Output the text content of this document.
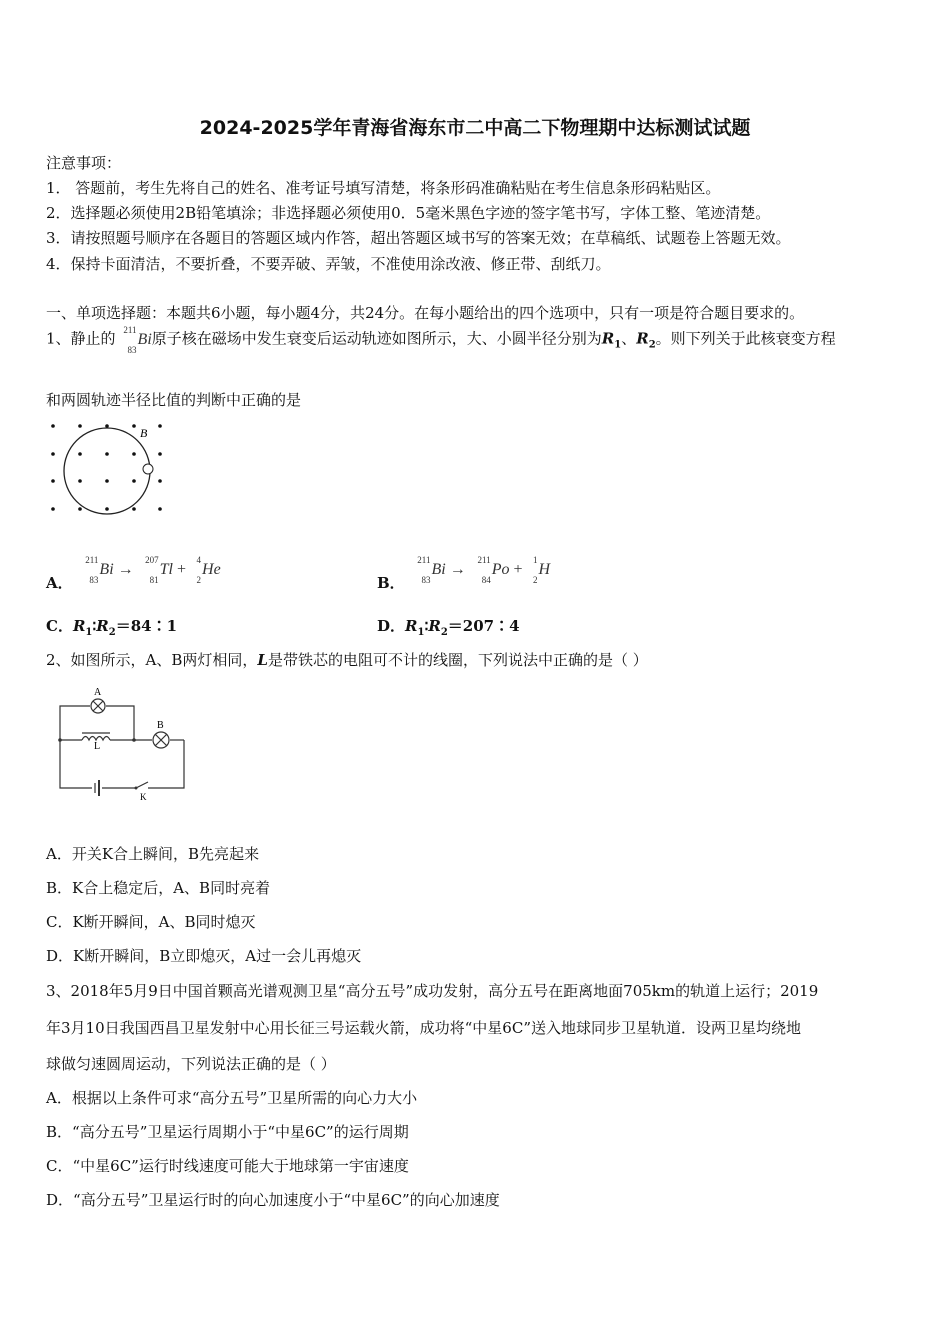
2024-2025学年青海省海东市二中高二下物理期中达标测试试题
注意事项：
1． 答题前，考生先将自己的姓名、准考证号填写清楚，将条形码准确粘贴在考生信息条形码粘贴区。
2．选择题必须使用2B铅笔填涂；非选择题必须使用0．5毫米黑色字迹的签字笔书写，字体工整、笔迹清楚。
3．请按照题号顺序在各题目的答题区域内作答，超出答题区域书写的答案无效；在草稿纸、试题卷上答题无效。
4．保持卡面清洁，不要折叠，不要弄破、弄皱，不准使用涂改液、修正带、刮纸刀。
一、单项选择题：本题共6小题，每小题4分，共24分。在每小题给出的四个选项中，只有一项是符合题目要求的。
1、静止的 211
83
Bi原子核在磁场中发生衰变后运动轨迹如图所示，大、小圆半径分别为$R_1$、$R_2$。则下列关于此核衰变方程
和两圆轨迹半径比值的判断中正确的是
B
A．
211
83
Bi →
207
81
Tl +
4
2
He
B．
211
83
Bi →
211
84
Po +
1
2
H
C．$R_1∶R_2=84∶1$	D．$R_1∶R_2=207∶4$
2、如图所示，A、B两灯相同，L是带铁芯的电阻可不计的线圈，下列说法中正确的是（ ）
A
B
L
K
A．开关K合上瞬间，B先亮起来
B．K合上稳定后，A、B同时亮着
C．K断开瞬间，A、B同时熄灭
D．K断开瞬间，B立即熄灭，A过一会儿再熄灭
3、2018年5月9日中国首颗高光谱观测卫星“高分五号”成功发射，高分五号在距离地面705km的轨道上运行；2019
年3月10日我国西昌卫星发射中心用长征三号运载火箭，成功将“中星6C”送入地球同步卫星轨道．设两卫星均绕地
球做匀速圆周运动，下列说法正确的是（ ）
A．根据以上条件可求“高分五号”卫星所需的向心力大小
B．“高分五号”卫星运行周期小于“中星6C”的运行周期
C．“中星6C”运行时线速度可能大于地球第一宇宙速度
D．“高分五号”卫星运行时的向心加速度小于“中星6C”的向心加速度
